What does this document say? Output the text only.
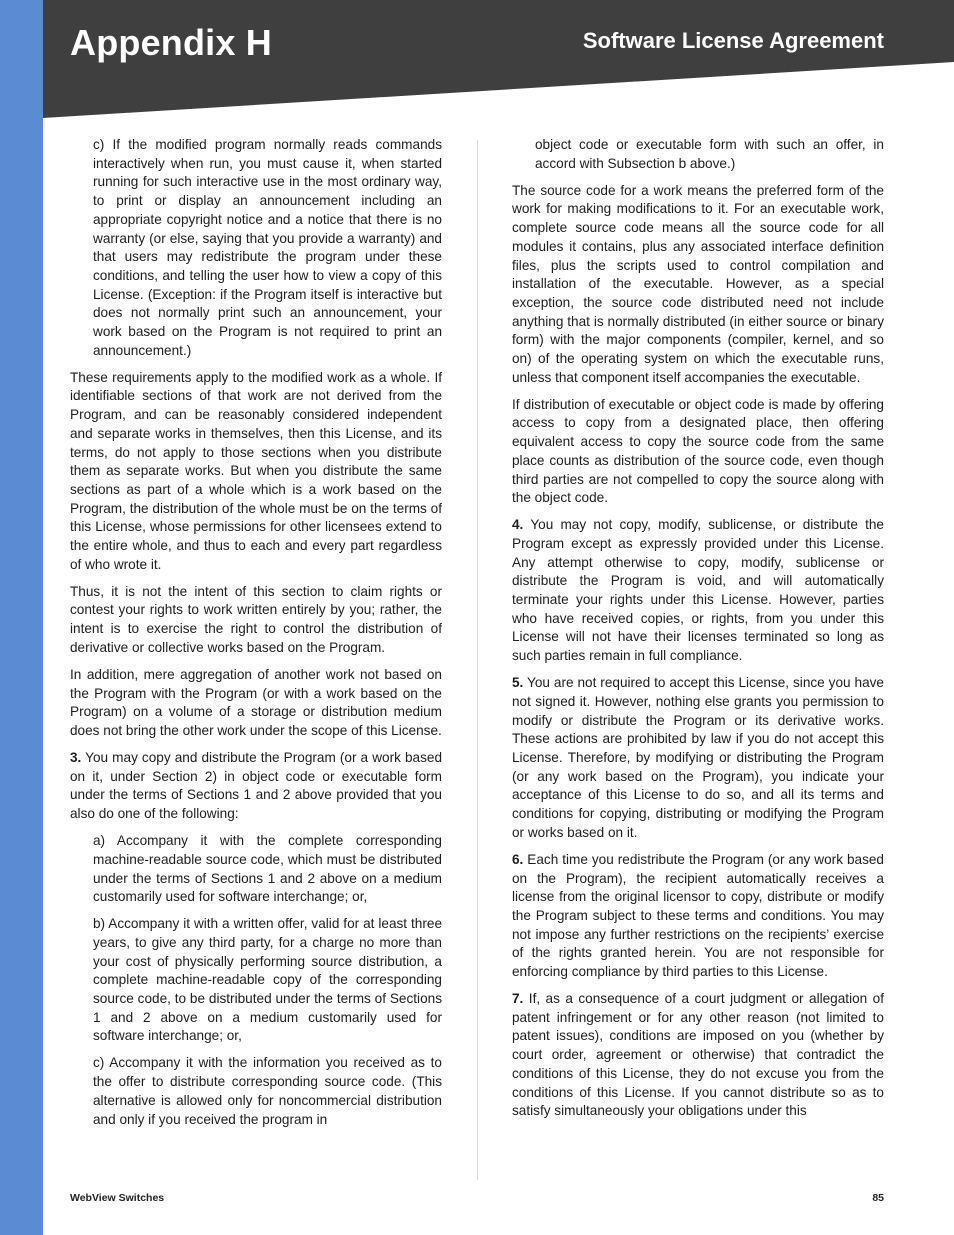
Appendix H	Software License Agreement

c) If the modified program normally reads commands interactively when run, you must cause it, when started running for such interactive use in the most ordinary way, to print or display an announcement including an appropriate copyright notice and a notice that there is no warranty (or else, saying that you provide a warranty) and that users may redistribute the program under these conditions, and telling the user how to view a copy of this License. (Exception: if the Program itself is interactive but does not normally print such an announcement, your work based on the Program is not required to print an announcement.)

These requirements apply to the modified work as a whole. If identifiable sections of that work are not derived from the Program, and can be reasonably considered independent and separate works in themselves, then this License, and its terms, do not apply to those sections when you distribute them as separate works. But when you distribute the same sections as part of a whole which is a work based on the Program, the distribution of the whole must be on the terms of this License, whose permissions for other licensees extend to the entire whole, and thus to each and every part regardless of who wrote it.

Thus, it is not the intent of this section to claim rights or contest your rights to work written entirely by you; rather, the intent is to exercise the right to control the distribution of derivative or collective works based on the Program.

In addition, mere aggregation of another work not based on the Program with the Program (or with a work based on the Program) on a volume of a storage or distribution medium does not bring the other work under the scope of this License.

3. You may copy and distribute the Program (or a work based on it, under Section 2) in object code or executable form under the terms of Sections 1 and 2 above provided that you also do one of the following:

a) Accompany it with the complete corresponding machine-readable source code, which must be distributed under the terms of Sections 1 and 2 above on a medium customarily used for software interchange; or,

b) Accompany it with a written offer, valid for at least three years, to give any third party, for a charge no more than your cost of physically performing source distribution, a complete machine-readable copy of the corresponding source code, to be distributed under the terms of Sections 1 and 2 above on a medium customarily used for software interchange; or,

c) Accompany it with the information you received as to the offer to distribute corresponding source code. (This alternative is allowed only for noncommercial distribution and only if you received the program in

object code or executable form with such an offer, in accord with Subsection b above.)

The source code for a work means the preferred form of the work for making modifications to it. For an executable work, complete source code means all the source code for all modules it contains, plus any associated interface definition files, plus the scripts used to control compilation and installation of the executable. However, as a special exception, the source code distributed need not include anything that is normally distributed (in either source or binary form) with the major components (compiler, kernel, and so on) of the operating system on which the executable runs, unless that component itself accompanies the executable.

If distribution of executable or object code is made by offering access to copy from a designated place, then offering equivalent access to copy the source code from the same place counts as distribution of the source code, even though third parties are not compelled to copy the source along with the object code.

4. You may not copy, modify, sublicense, or distribute the Program except as expressly provided under this License. Any attempt otherwise to copy, modify, sublicense or distribute the Program is void, and will automatically terminate your rights under this License. However, parties who have received copies, or rights, from you under this License will not have their licenses terminated so long as such parties remain in full compliance.

5. You are not required to accept this License, since you have not signed it. However, nothing else grants you permission to modify or distribute the Program or its derivative works. These actions are prohibited by law if you do not accept this License. Therefore, by modifying or distributing the Program (or any work based on the Program), you indicate your acceptance of this License to do so, and all its terms and conditions for copying, distributing or modifying the Program or works based on it.

6. Each time you redistribute the Program (or any work based on the Program), the recipient automatically receives a license from the original licensor to copy, distribute or modify the Program subject to these terms and conditions. You may not impose any further restrictions on the recipients’ exercise of the rights granted herein. You are not responsible for enforcing compliance by third parties to this License.

7. If, as a consequence of a court judgment or allegation of patent infringement or for any other reason (not limited to patent issues), conditions are imposed on you (whether by court order, agreement or otherwise) that contradict the conditions of this License, they do not excuse you from the conditions of this License. If you cannot distribute so as to satisfy simultaneously your obligations under this

WebView Switches	85
